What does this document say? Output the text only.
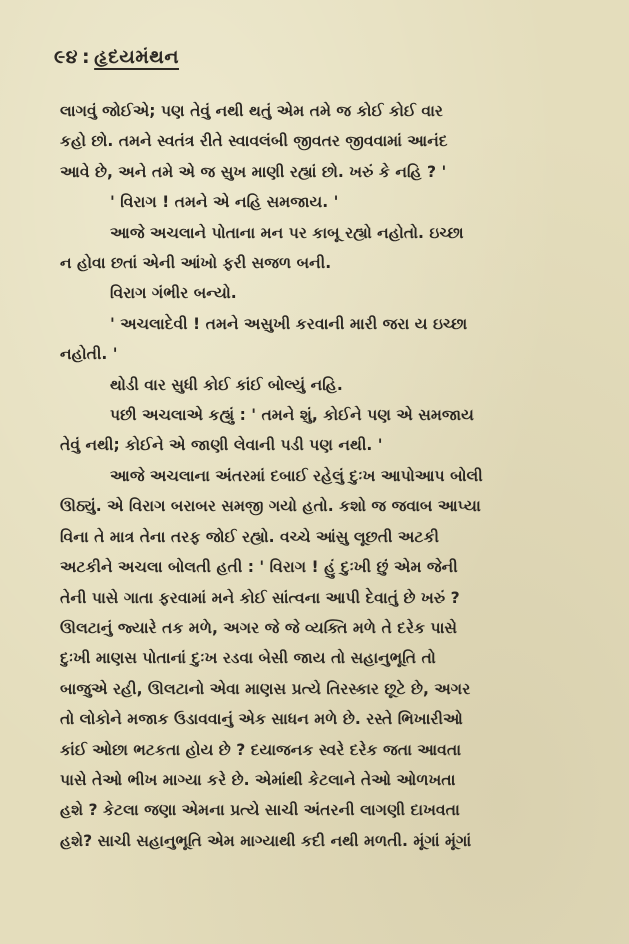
૯૪ : હૃદયમંથન
લાગવું જોઈએ; પણ તેવું નથી થતું એમ તમે જ કોઈ કોઈ વાર
કહો છો. તમને સ્વતંત્ર રીતે સ્વાવલંબી જીવતર જીવવામાં આનંદ
આવે છે, અને તમે એ જ સુખ માણી રહ્યાં છો. ખરું કે નહિ ? '
' વિરાગ ! તમને એ નહિ સમજાય. '
આજે અચલાને પોતાના મન પર કાબૂ રહ્યો નહોતો. ઇચ્છા
ન હોવા છતાં એની આંખો ફરી સજળ બની.
વિરાગ ગંભીર બન્યો.
' અચલાદેવી ! તમને અસુખી કરવાની મારી જરા ય ઇચ્છા
નહોતી. '
થોડી વાર સુધી કોઈ કાંઈ બોલ્યું નહિ.
પછી અચલાએ કહ્યું : ' તમને શું, કોઈને પણ એ સમજાય
તેવું નથી; કોઈને એ જાણી લેવાની પડી પણ નથી. '
આજે અચલાના અંતરમાં દબાઈ રહેલું દુઃખ આપોઆપ બોલી
ઊઠ્યું. એ વિરાગ બરાબર સમજી ગયો હતો. કશો જ જવાબ આપ્યા
વિના તે માત્ર તેના તરફ જોઈ રહ્યો. વચ્ચે આંસુ લૂછતી અટકી
અટકીને અચલા બોલતી હતી : ' વિરાગ ! હું દુઃખી છું એમ જેની
તેની પાસે ગાતા ફરવામાં મને કોઈ સાંત્વના આપી દેવાતું છે ખરું ?
ઊલટાનું જ્યારે તક મળે, અગર જે જે વ્યક્તિ મળે તે દરેક પાસે
દુઃખી માણસ પોતાનાં દુઃખ રડવા બેસી જાય તો સહાનુભૂતિ તો
બાજુએ રહી, ઊલટાનો એવા માણસ પ્રત્યે તિરસ્કાર છૂટે છે, અગર
તો લોકોને મજાક ઉડાવવાનું એક સાધન મળે છે. રસ્તે ભિખારીઓ
કાંઈ ઓછા ભટકતા હોય છે ? દયાજનક સ્વરે દરેક જતા આવતા
પાસે તેઓ ભીખ માગ્યા કરે છે. એમાંથી કેટલાને તેઓ ઓળખતા
હશે ? કેટલા જણા એમના પ્રત્યે સાચી અંતરની લાગણી દાખવતા
હશે? સાચી સહાનુભૂતિ એમ માગ્યાથી કદી નથી મળતી. મૂંગાં મૂંગાં
